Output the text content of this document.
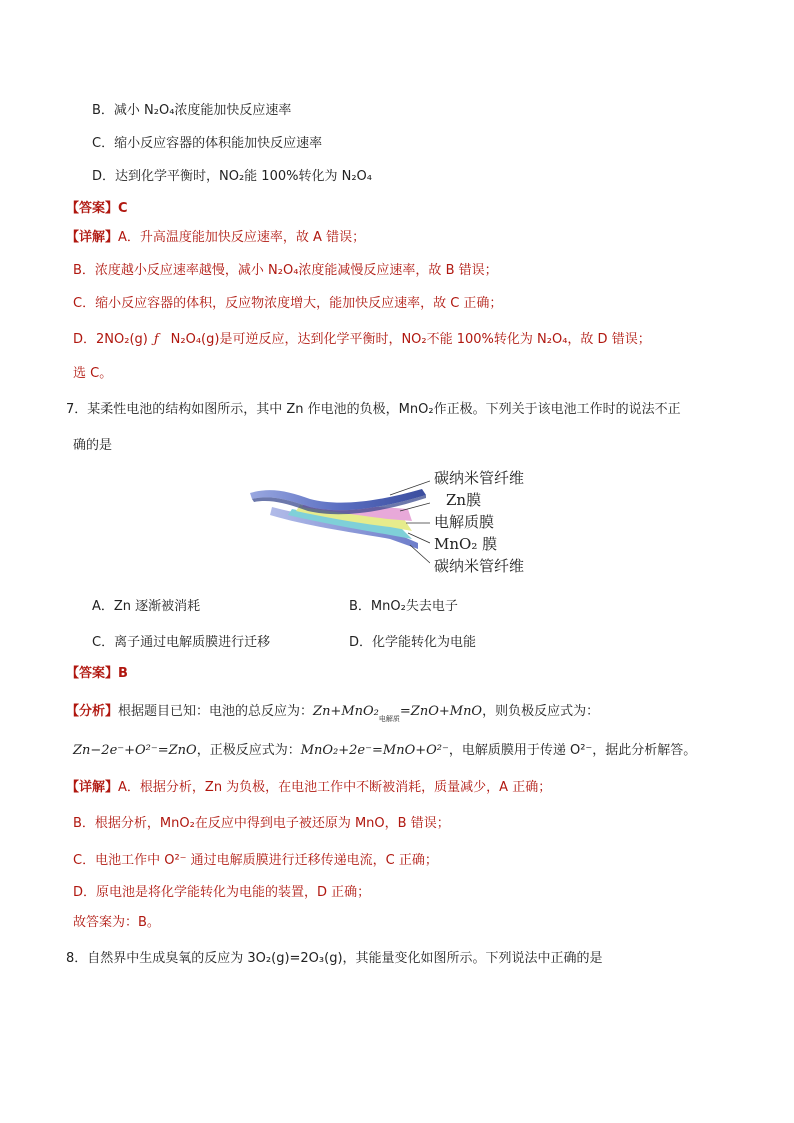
B．减小 N₂O₄浓度能加快反应速率
C．缩小反应容器的体积能加快反应速率
D．达到化学平衡时，NO₂能 100%转化为 N₂O₄
【答案】C
【详解】A．升高温度能加快反应速率，故 A 错误；
B．浓度越小反应速率越慢，减小 N₂O₄浓度能减慢反应速率，故 B 错误；
C．缩小反应容器的体积，反应物浓度增大，能加快反应速率，故 C 正确；
D．2NO₂(g) ƒ N₂O₄(g)是可逆反应，达到化学平衡时，NO₂不能 100%转化为 N₂O₄，故 D 错误；
选 C。
7．某柔性电池的结构如图所示，其中 Zn 作电池的负极，MnO₂作正极。下列关于该电池工作时的说法不正
确的是
碳纳米管纤维
Zn膜
电解质膜
MnO₂ 膜
碳纳米管纤维
A．Zn 逐渐被消耗	B．MnO₂失去电子
C．离子通过电解质膜进行迁移	D．化学能转化为电能
【答案】B
【分析】根据题目已知：电池的总反应为：$Zn+MnO_2_{电解质}=ZnO+MnO$，则负极反应式为：
Zn−2e⁻+O²⁻=ZnO，正极反应式为：MnO₂+2e⁻=MnO+O²⁻，电解质膜用于传递 O²⁻，据此分析解答。
【详解】A．根据分析，Zn 为负极，在电池工作中不断被消耗，质量减少，A 正确；
B．根据分析，MnO₂在反应中得到电子被还原为 MnO，B 错误；
C．电池工作中 O²⁻ 通过电解质膜进行迁移传递电流，C 正确；
D．原电池是将化学能转化为电能的装置，D 正确；
故答案为：B。
8．自然界中生成臭氧的反应为 3O₂(g)=2O₃(g)，其能量变化如图所示。下列说法中正确的是
